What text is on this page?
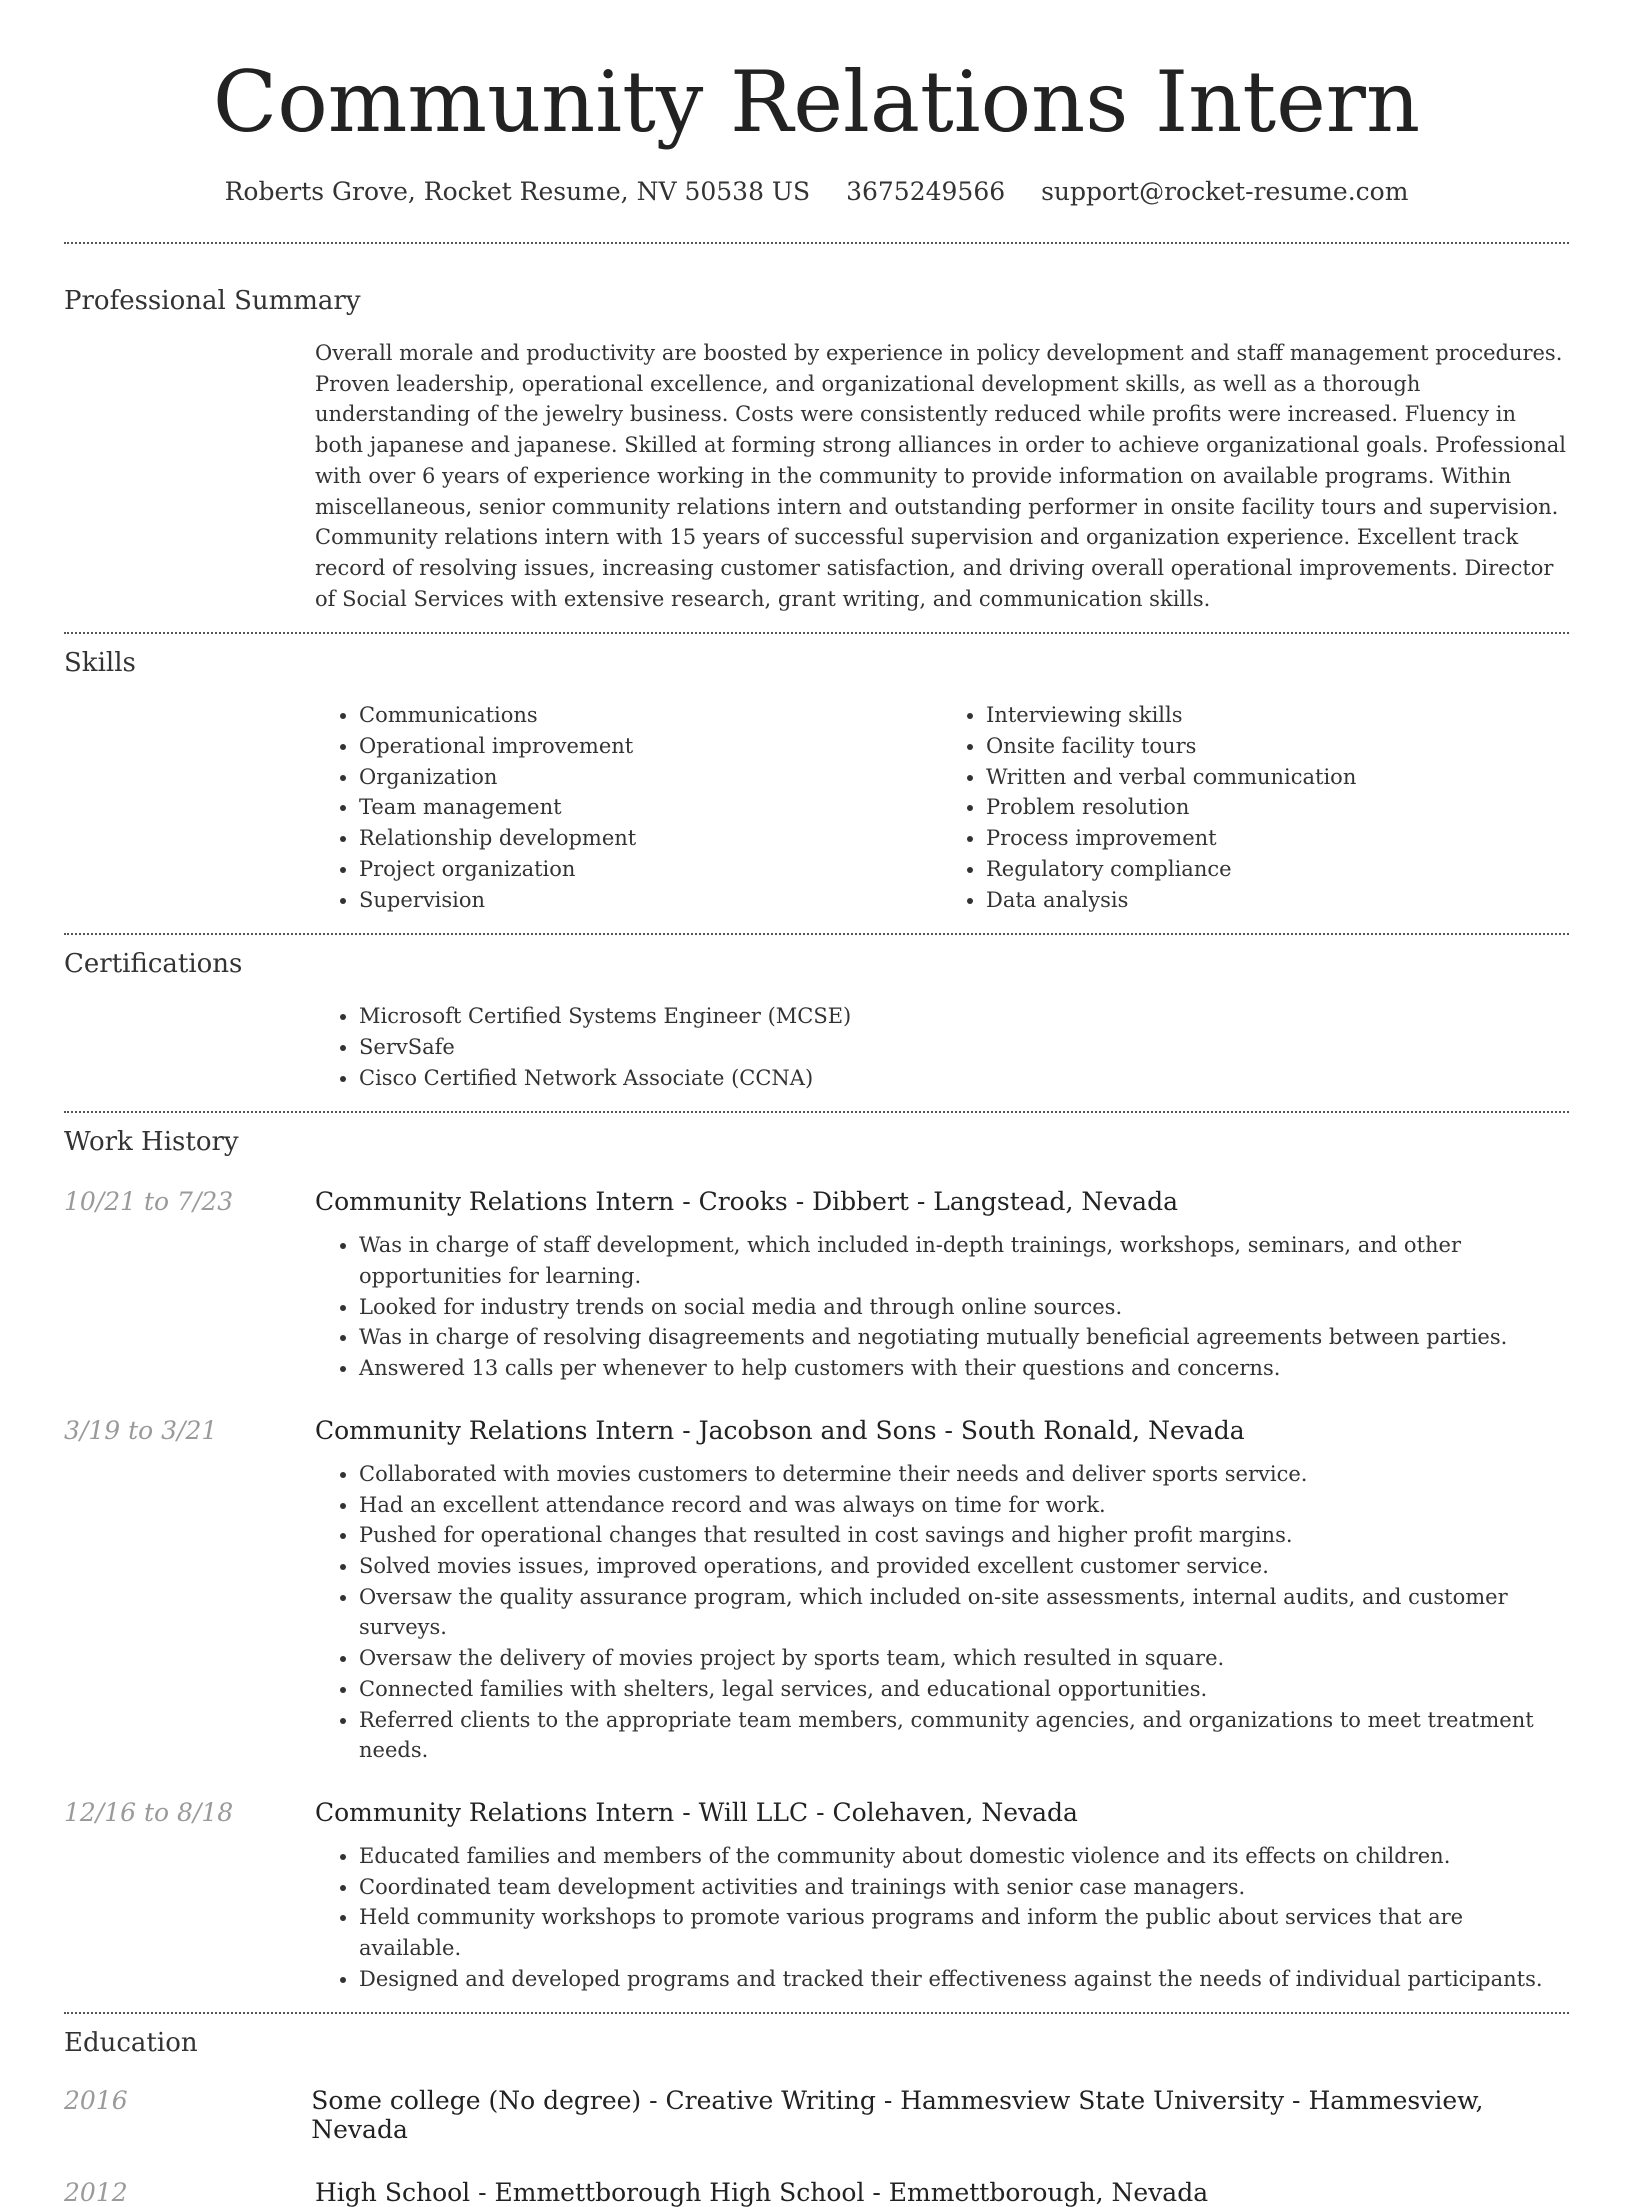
Community Relations Intern
Roberts Grove, Rocket Resume, NV 50538 US 3675249566 support@rocket-resume.com
Professional Summary
Overall morale and productivity are boosted by experience in policy development and staff management procedures. Proven leadership, operational excellence, and organizational development skills, as well as a thorough understanding of the jewelry business. Costs were consistently reduced while profits were increased. Fluency in both japanese and japanese. Skilled at forming strong alliances in order to achieve organizational goals. Professional with over 6 years of experience working in the community to provide information on available programs. Within miscellaneous, senior community relations intern and outstanding performer in onsite facility tours and supervision. Community relations intern with 15 years of successful supervision and organization experience. Excellent track record of resolving issues, increasing customer satisfaction, and driving overall operational improvements. Director of Social Services with extensive research, grant writing, and communication skills.
Skills
• Communications
• Operational improvement
• Organization
• Team management
• Relationship development
• Project organization
• Supervision
• Interviewing skills
• Onsite facility tours
• Written and verbal communication
• Problem resolution
• Process improvement
• Regulatory compliance
• Data analysis
Certifications
• Microsoft Certified Systems Engineer (MCSE)
• ServSafe
• Cisco Certified Network Associate (CCNA)
Work History
10/21 to 7/23	Community Relations Intern - Crooks - Dibbert - Langstead, Nevada
• Was in charge of staff development, which included in-depth trainings, workshops, seminars, and other opportunities for learning.
• Looked for industry trends on social media and through online sources.
• Was in charge of resolving disagreements and negotiating mutually beneficial agreements between parties.
• Answered 13 calls per whenever to help customers with their questions and concerns.
3/19 to 3/21	Community Relations Intern - Jacobson and Sons - South Ronald, Nevada
• Collaborated with movies customers to determine their needs and deliver sports service.
• Had an excellent attendance record and was always on time for work.
• Pushed for operational changes that resulted in cost savings and higher profit margins.
• Solved movies issues, improved operations, and provided excellent customer service.
• Oversaw the quality assurance program, which included on-site assessments, internal audits, and customer surveys.
• Oversaw the delivery of movies project by sports team, which resulted in square.
• Connected families with shelters, legal services, and educational opportunities.
• Referred clients to the appropriate team members, community agencies, and organizations to meet treatment needs.
12/16 to 8/18	Community Relations Intern - Will LLC - Colehaven, Nevada
• Educated families and members of the community about domestic violence and its effects on children.
• Coordinated team development activities and trainings with senior case managers.
• Held community workshops to promote various programs and inform the public about services that are available.
• Designed and developed programs and tracked their effectiveness against the needs of individual participants.
Education
2016	Some college (No degree) - Creative Writing - Hammesview State University - Hammesview, Nevada
2012	High School - Emmettborough High School - Emmettborough, Nevada
